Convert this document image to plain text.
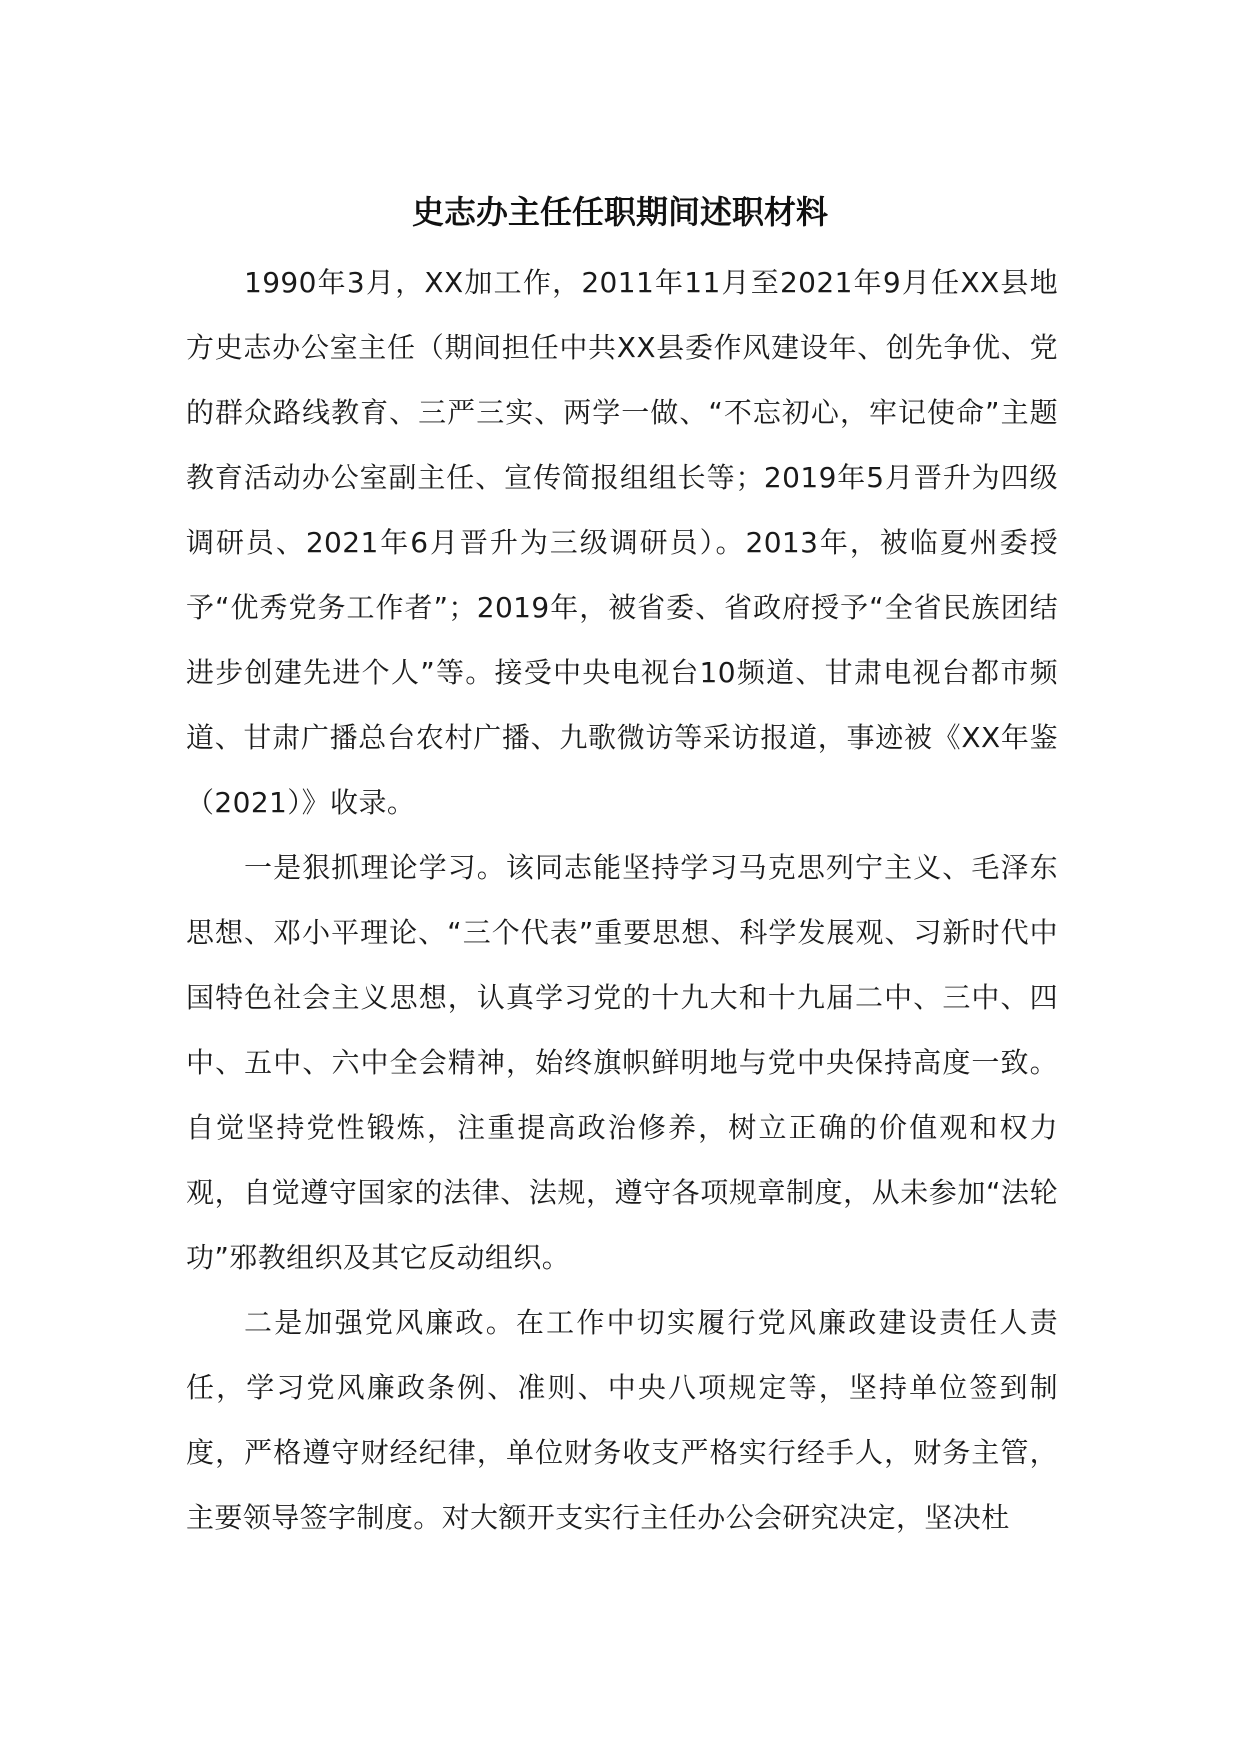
史志办主任任职期间述职材料

1990年3月，XX加工作，2011年11月至2021年9月任XX县地方史志办公室主任（期间担任中共XX县委作风建设年、创先争优、党的群众路线教育、三严三实、两学一做、“不忘初心，牢记使命”主题教育活动办公室副主任、宣传简报组组长等；2019年5月晋升为四级调研员、2021年6月晋升为三级调研员）。2013年，被临夏州委授予“优秀党务工作者”；2019年，被省委、省政府授予“全省民族团结进步创建先进个人”等。接受中央电视台10频道、甘肃电视台都市频道、甘肃广播总台农村广播、九歌微访等采访报道，事迹被《XX年鉴（2021）》收录。

一是狠抓理论学习。该同志能坚持学习马克思列宁主义、毛泽东思想、邓小平理论、“三个代表”重要思想、科学发展观、习新时代中国特色社会主义思想，认真学习党的十九大和十九届二中、三中、四中、五中、六中全会精神，始终旗帜鲜明地与党中央保持高度一致。自觉坚持党性锻炼，注重提高政治修养，树立正确的价值观和权力观，自觉遵守国家的法律、法规，遵守各项规章制度，从未参加“法轮功”邪教组织及其它反动组织。

二是加强党风廉政。在工作中切实履行党风廉政建设责任人责任，学习党风廉政条例、准则、中央八项规定等，坚持单位签到制度，严格遵守财经纪律，单位财务收支严格实行经手人，财务主管，主要领导签字制度。对大额开支实行主任办公会研究决定，坚决杜
